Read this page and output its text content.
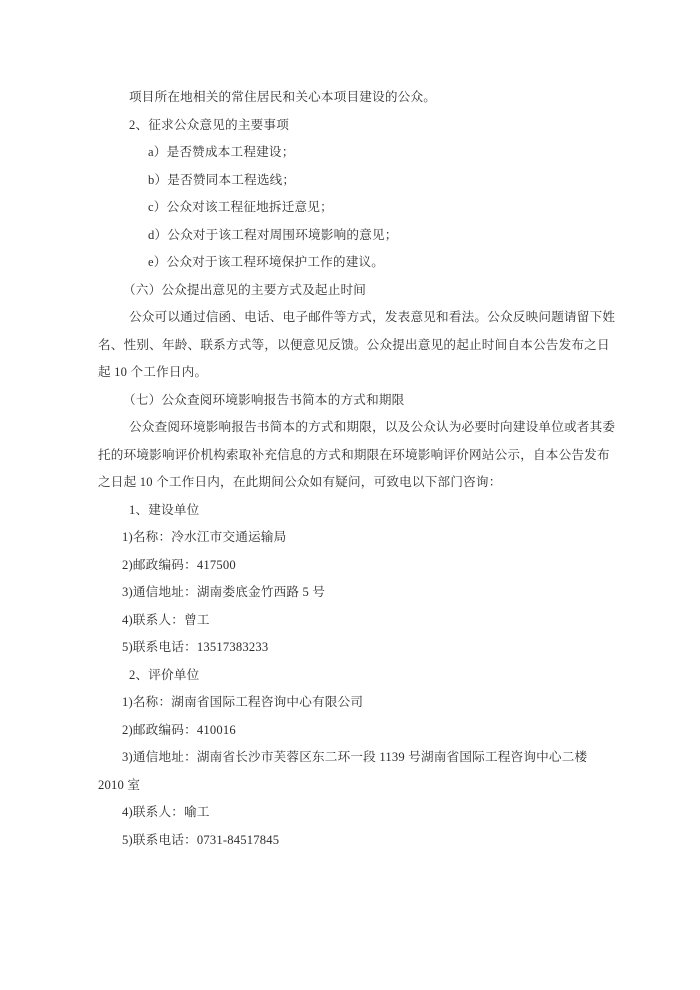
项目所在地相关的常住居民和关心本项目建设的公众。
2、征求公众意见的主要事项
a）是否赞成本工程建设；
b）是否赞同本工程选线；
c）公众对该工程征地拆迁意见；
d）公众对于该工程对周围环境影响的意见；
e）公众对于该工程环境保护工作的建议。
（六）公众提出意见的主要方式及起止时间
公众可以通过信函、电话、电子邮件等方式，发表意见和看法。公众反映问题请留下姓
名、性别、年龄、联系方式等，以便意见反馈。公众提出意见的起止时间自本公告发布之日
起 10 个工作日内。
（七）公众查阅环境影响报告书简本的方式和期限
公众查阅环境影响报告书简本的方式和期限，以及公众认为必要时向建设单位或者其委
托的环境影响评价机构索取补充信息的方式和期限在环境影响评价网站公示，自本公告发布
之日起 10 个工作日内，在此期间公众如有疑问，可致电以下部门咨询：
1、建设单位
1)名称：冷水江市交通运输局
2)邮政编码：417500
3)通信地址：湖南娄底金竹西路 5 号
4)联系人：曾工
5)联系电话：13517383233
2、评价单位
1)名称：湖南省国际工程咨询中心有限公司
2)邮政编码：410016
3)通信地址：湖南省长沙市芙蓉区东二环一段 1139 号湖南省国际工程咨询中心二楼
2010 室
4)联系人：喻工
5)联系电话：0731-84517845
